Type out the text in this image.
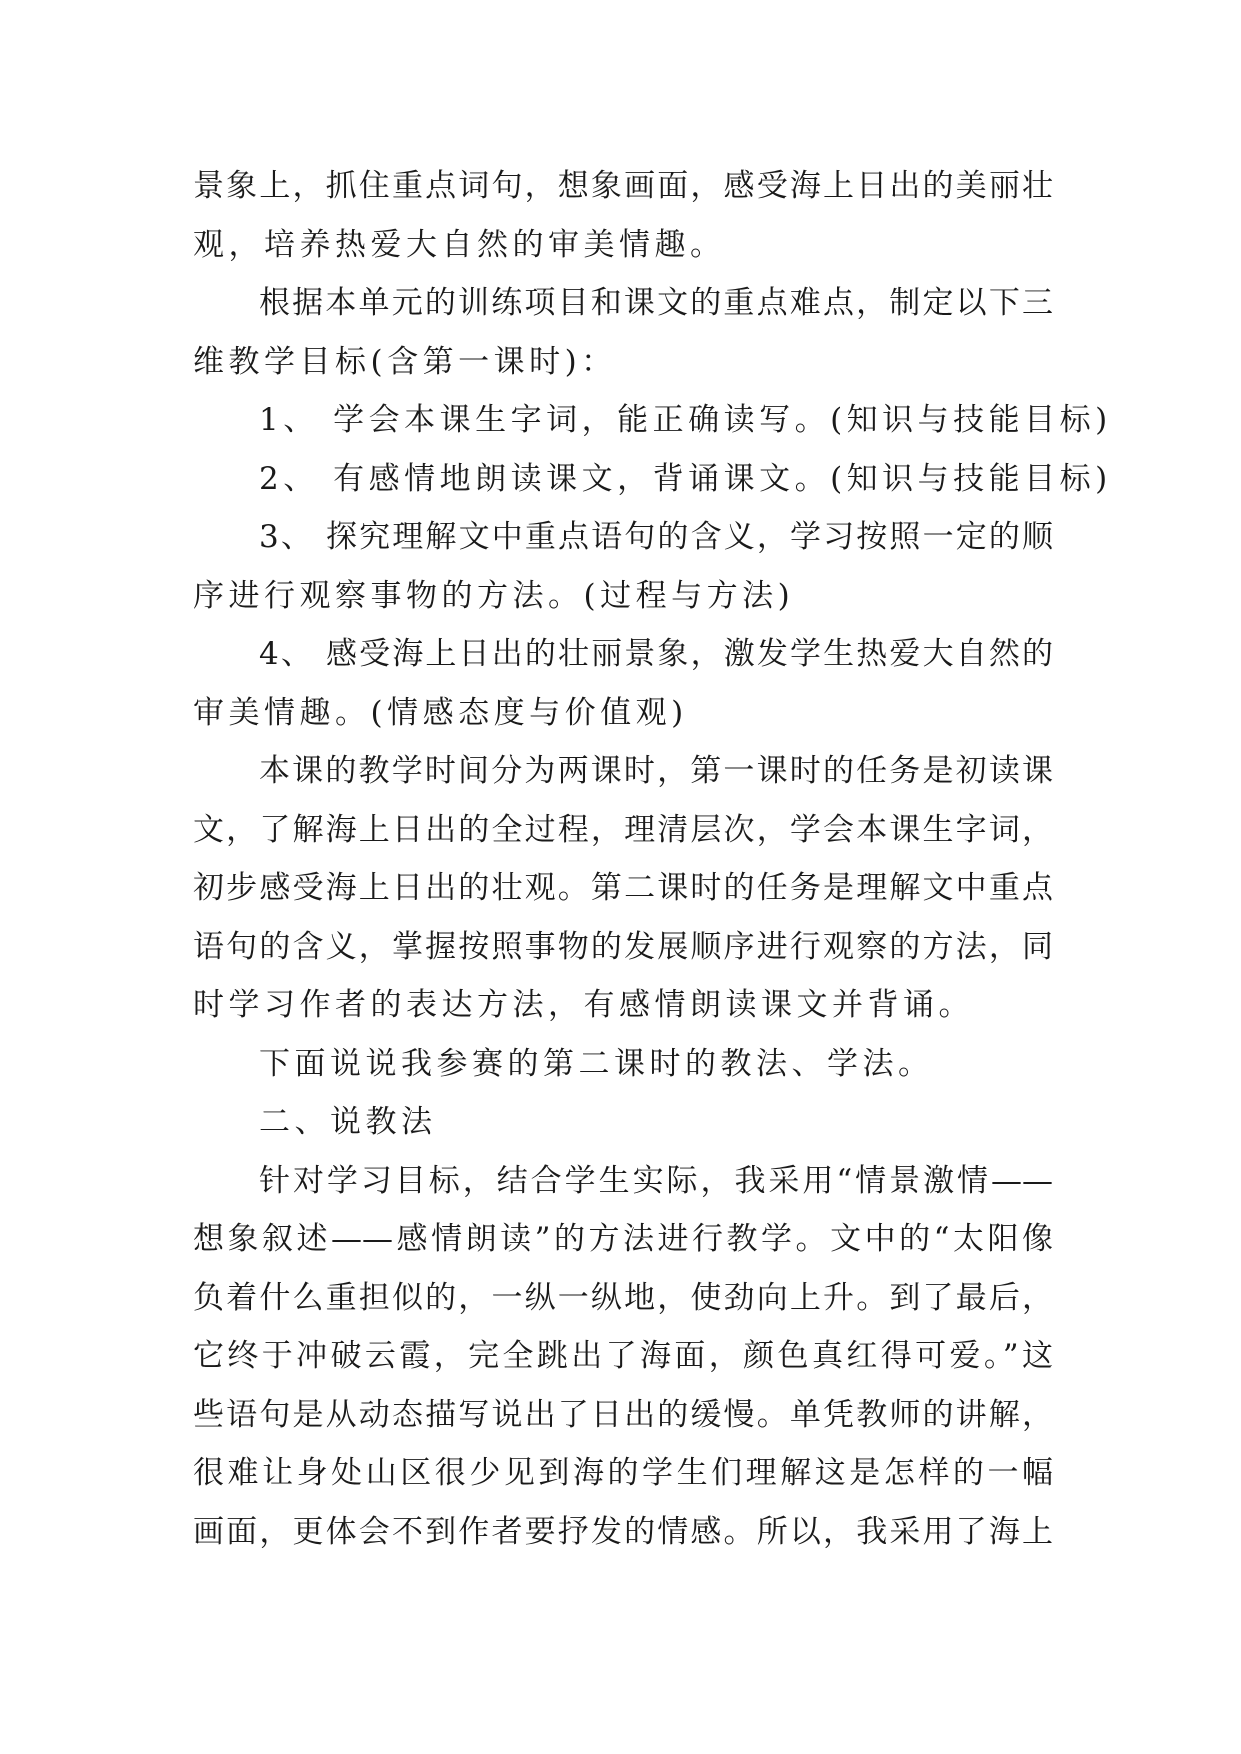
景象上，抓住重点词句，想象画面，感受海上日出的美丽壮
观，培养热爱大自然的审美情趣。
根据本单元的训练项目和课文的重点难点，制定以下三
维教学目标(含第一课时)：
1、 学会本课生字词，能正确读写。(知识与技能目标)
2、 有感情地朗读课文，背诵课文。(知识与技能目标)
3、 探究理解文中重点语句的含义，学习按照一定的顺
序进行观察事物的方法。(过程与方法)
4、 感受海上日出的壮丽景象，激发学生热爱大自然的
审美情趣。(情感态度与价值观)
本课的教学时间分为两课时，第一课时的任务是初读课
文，了解海上日出的全过程，理清层次，学会本课生字词，
初步感受海上日出的壮观。第二课时的任务是理解文中重点
语句的含义，掌握按照事物的发展顺序进行观察的方法，同
时学习作者的表达方法，有感情朗读课文并背诵。
下面说说我参赛的第二课时的教法、学法。
二、说教法
针对学习目标，结合学生实际，我采用“情景激情——
想象叙述——感情朗读”的方法进行教学。文中的“太阳像
负着什么重担似的，一纵一纵地，使劲向上升。到了最后，
它终于冲破云霞，完全跳出了海面，颜色真红得可爱。”这
些语句是从动态描写说出了日出的缓慢。单凭教师的讲解，
很难让身处山区很少见到海的学生们理解这是怎样的一幅
画面，更体会不到作者要抒发的情感。所以，我采用了海上
